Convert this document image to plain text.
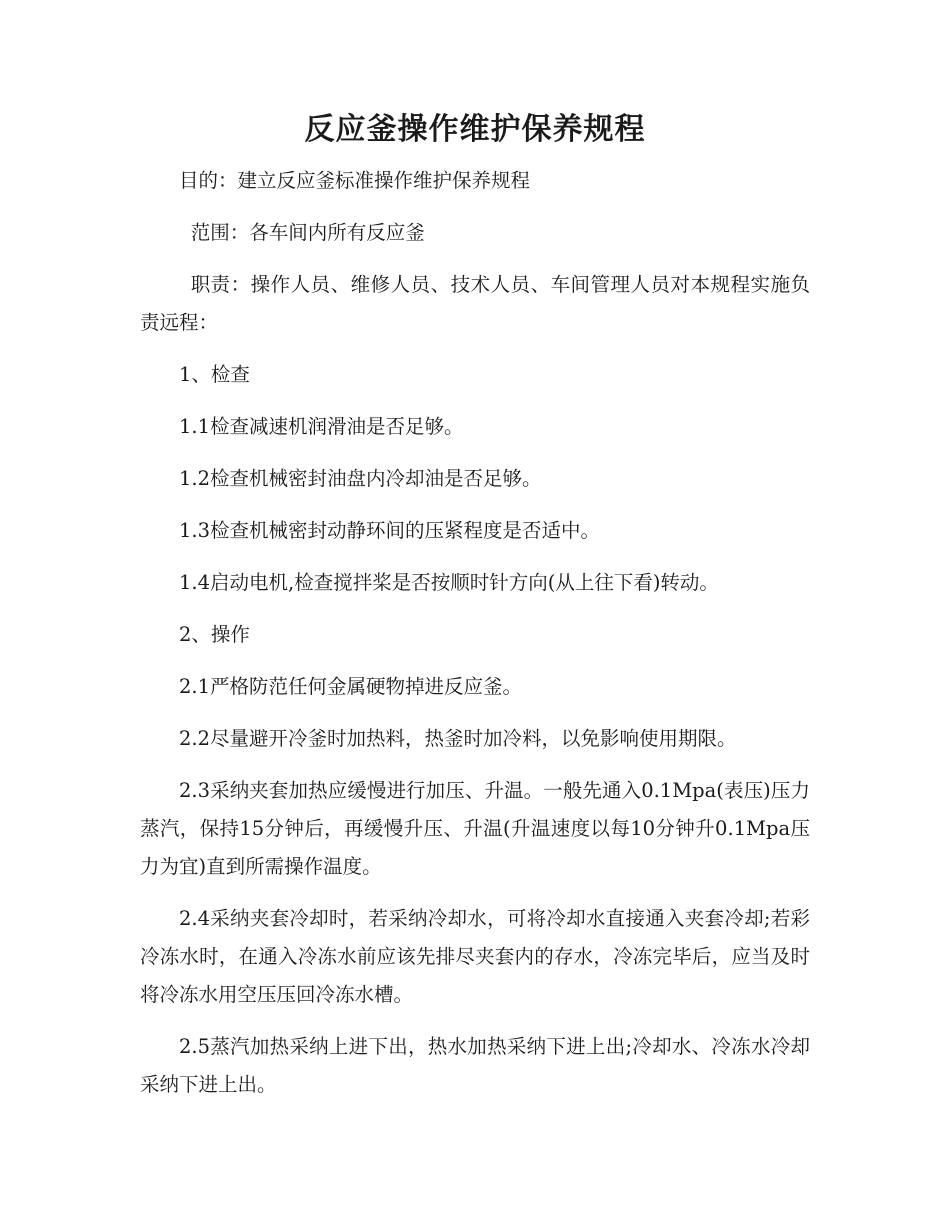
反应釜操作维护保养规程

目的：建立反应釜标准操作维护保养规程

范围：各车间内所有反应釜

职责：操作人员、维修人员、技术人员、车间管理人员对本规程实施负责远程：

1、检查

1.1检查减速机润滑油是否足够。

1.2检查机械密封油盘内冷却油是否足够。

1.3检查机械密封动静环间的压紧程度是否适中。

1.4启动电机,检查搅拌桨是否按顺时针方向(从上往下看)转动。

2、操作

2.1严格防范任何金属硬物掉进反应釜。

2.2尽量避开冷釜时加热料，热釜时加冷料，以免影响使用期限。

2.3采纳夹套加热应缓慢进行加压、升温。一般先通入0.1Mpa(表压)压力蒸汽，保持15分钟后，再缓慢升压、升温(升温速度以每10分钟升0.1Mpa压力为宜)直到所需操作温度。

2.4采纳夹套冷却时，若采纳冷却水，可将冷却水直接通入夹套冷却;若彩冷冻水时，在通入冷冻水前应该先排尽夹套内的存水，冷冻完毕后，应当及时将冷冻水用空压压回冷冻水槽。

2.5蒸汽加热采纳上进下出，热水加热采纳下进上出;冷却水、冷冻水冷却采纳下进上出。
